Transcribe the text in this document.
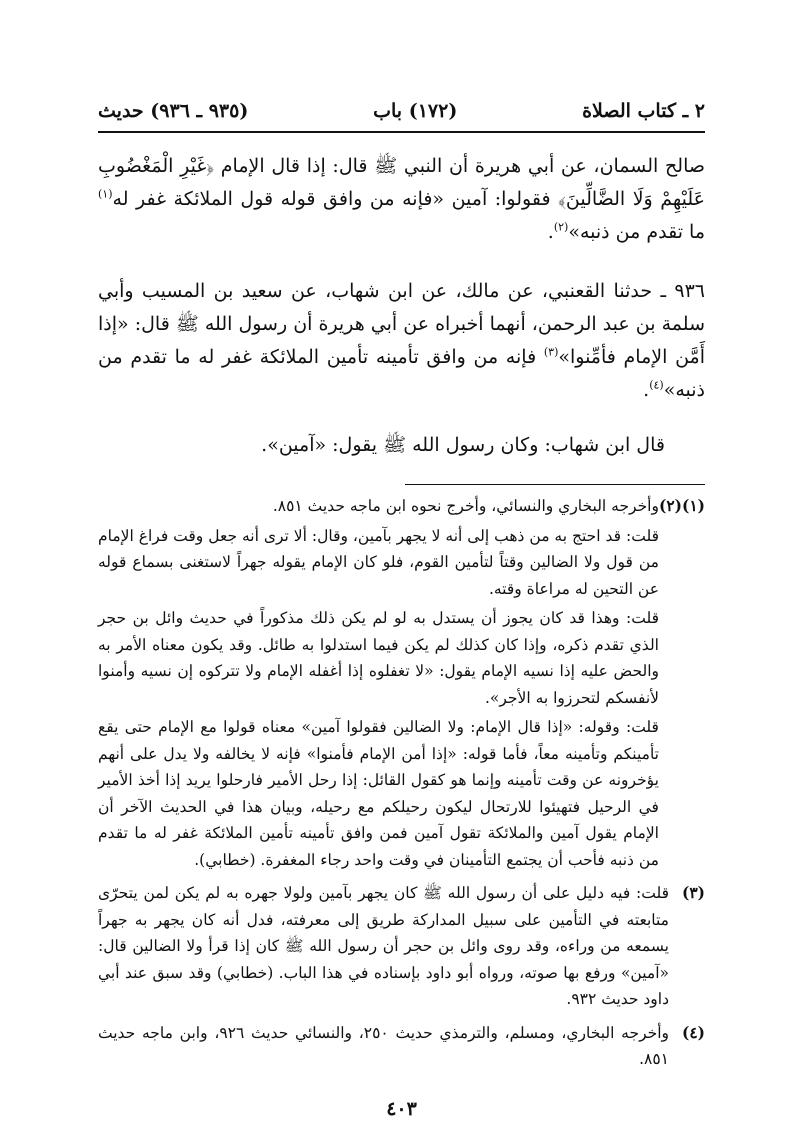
٢ ـ كتاب الصلاة
(١٧٢) باب
(٩٣٥ ـ ٩٣٦) حديث

صالح السمان، عن أبي هريرة أن النبي ﷺ قال: إذا قال الإمام ﴿غَيْرِ الْمَغْضُوبِ عَلَيْهِمْ وَلَا الضَّالِّينَ﴾ فقولوا: آمين «فإنه من وافق قوله قول الملائكة غفر له$^{(١)}$ ما تقدم من ذنبه»$^{(٢)}$.

٩٣٦ ـ حدثنا القعنبي، عن مالك، عن ابن شهاب، عن سعيد بن المسيب وأبي سلمة بن عبد الرحمن، أنهما أخبراه عن أبي هريرة أن رسول الله ﷺ قال: «إذا أَمَّن الإمام فأمِّنوا»$^{(٣)}$ فإنه من وافق تأمينه تأمين الملائكة غفر له ما تقدم من ذنبه»$^{(٤)}$.

قال ابن شهاب: وكان رسول الله ﷺ يقول: «آمين».

(١)(٢)

وأخرجه البخاري والنسائي، وأخرج نحوه ابن ماجه حديث ٨٥١.

قلت: قد احتج به من ذهب إلى أنه لا يجهر بآمين، وقال: ألا ترى أنه جعل وقت فراغ الإمام من قول ولا الضالين وقتاً لتأمين القوم، فلو كان الإمام يقوله جهراً لاستغنى بسماع قوله عن التحين له مراعاة وقته.

قلت: وهذا قد كان يجوز أن يستدل به لو لم يكن ذلك مذكوراً في حديث وائل بن حجر الذي تقدم ذكره، وإذا كان كذلك لم يكن فيما استدلوا به طائل. وقد يكون معناه الأمر به والحض عليه إذا نسيه الإمام يقول: «لا تغفلوه إذا أغفله الإمام ولا تتركوه إن نسيه وأمنوا لأنفسكم لتحرزوا به الأجر».

قلت: وقوله: «إذا قال الإمام: ولا الضالين فقولوا آمين» معناه قولوا مع الإمام حتى يقع تأمينكم وتأمينه معاً، فأما قوله: «إذا أمن الإمام فأمنوا» فإنه لا يخالفه ولا يدل على أنهم يؤخرونه عن وقت تأمينه وإنما هو كقول القائل: إذا رحل الأمير فارحلوا يريد إذا أخذ الأمير في الرحيل فتهيئوا للارتحال ليكون رحيلكم مع رحيله، وبيان هذا في الحديث الآخر أن الإمام يقول آمين والملائكة تقول آمين فمن وافق تأمينه تأمين الملائكة غفر له ما تقدم من ذنبه فأحب أن يجتمع التأمينان في وقت واحد رجاء المغفرة. (خطابي).

(٣)

قلت: فيه دليل على أن رسول الله ﷺ كان يجهر بآمين ولولا جهره به لم يكن لمن يتحرّى متابعته في التأمين على سبيل المداركة طريق إلى معرفته، فدل أنه كان يجهر به جهراً يسمعه من وراءه، وقد روى وائل بن حجر أن رسول الله ﷺ كان إذا قرأ ولا الضالين قال: «آمين» ورفع بها صوته، ورواه أبو داود بإسناده في هذا الباب. (خطابي) وقد سبق عند أبي داود حديث ٩٣٢.

(٤)

وأخرجه البخاري، ومسلم، والترمذي حديث ٢٥٠، والنسائي حديث ٩٢٦، وابن ماجه حديث ٨٥١.

٤٠٣
